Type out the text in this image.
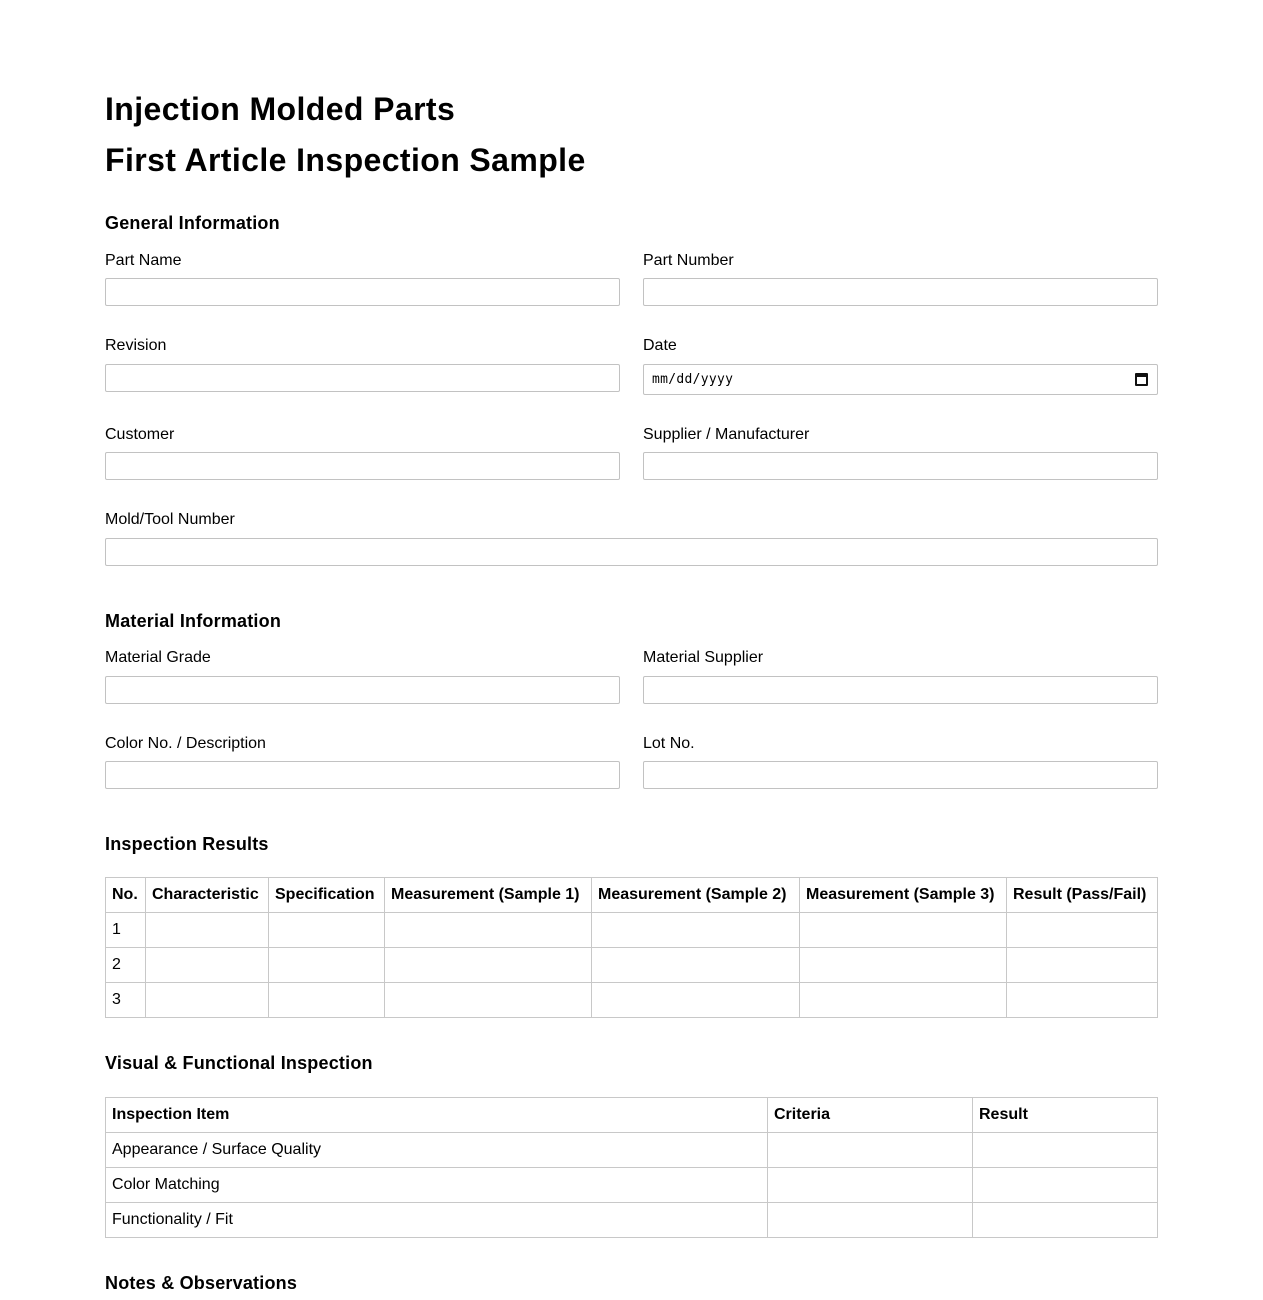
Injection Molded Parts
First Article Inspection Sample
General Information
Part Name	Part Number
Revision	Date
mm/dd/yyyy
Customer	Supplier / Manufacturer
Mold/Tool Number
Material Information
Material Grade	Material Supplier
Color No. / Description	Lot No.
Inspection Results
No.	Characteristic	Specification	Measurement (Sample 1)	Measurement (Sample 2)	Measurement (Sample 3)	Result (Pass/Fail)
1						
2						
3						
Visual & Functional Inspection
Inspection Item	Criteria	Result
Appearance / Surface Quality		
Color Matching		
Functionality / Fit		
Notes & Observations
